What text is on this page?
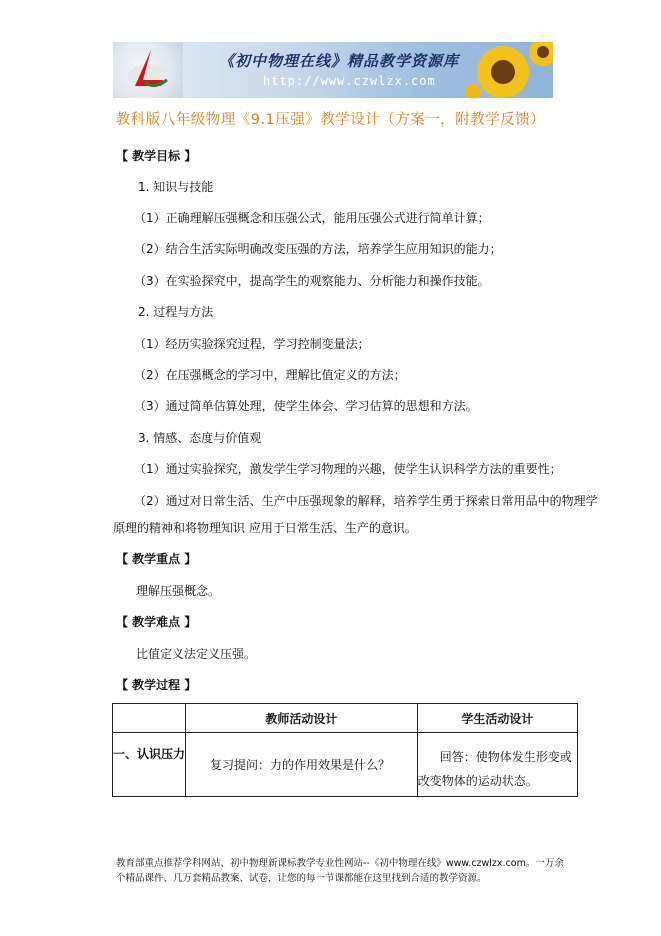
《初中物理在线》精品教学资源库
http://www.czwlzx.com
教科版八年级物理《9.1压强》教学设计（方案一，附教学反馈）
【 教学目标 】
1. 知识与技能
（1）正确理解压强概念和压强公式，能用压强公式进行简单计算；
（2）结合生活实际明确改变压强的方法，培养学生应用知识的能力；
（3）在实验探究中，提高学生的观察能力、分析能力和操作技能。
2. 过程与方法
（1）经历实验探究过程，学习控制变量法；
（2）在压强概念的学习中，理解比值定义的方法；
（3）通过简单估算处理，使学生体会、学习估算的思想和方法。
3. 情感、态度与价值观
（1）通过实验探究，激发学生学习物理的兴趣，使学生认识科学方法的重要性；
（2）通过对日常生活、生产中压强现象的解释，培养学生勇于探索日常用品中的物理学
原理的精神和将物理知识 应用于日常生活、生产的意识。
【 教学重点 】
理解压强概念。
【 教学难点 】
比值定义法定义压强。
【 教学过程 】
	教师活动设计	学生活动设计
一、认识压力	复习提问：力的作用效果是什么？	回答：使物体发生形变或
改变物体的运动状态。
教育部重点推荐学科网站、初中物理新课标教学专业性网站--《初中物理在线》www.czwlzx.com。一万余
个精品课件、几万套精品教案、试卷，让您的每一节课都能在这里找到合适的教学资源。
